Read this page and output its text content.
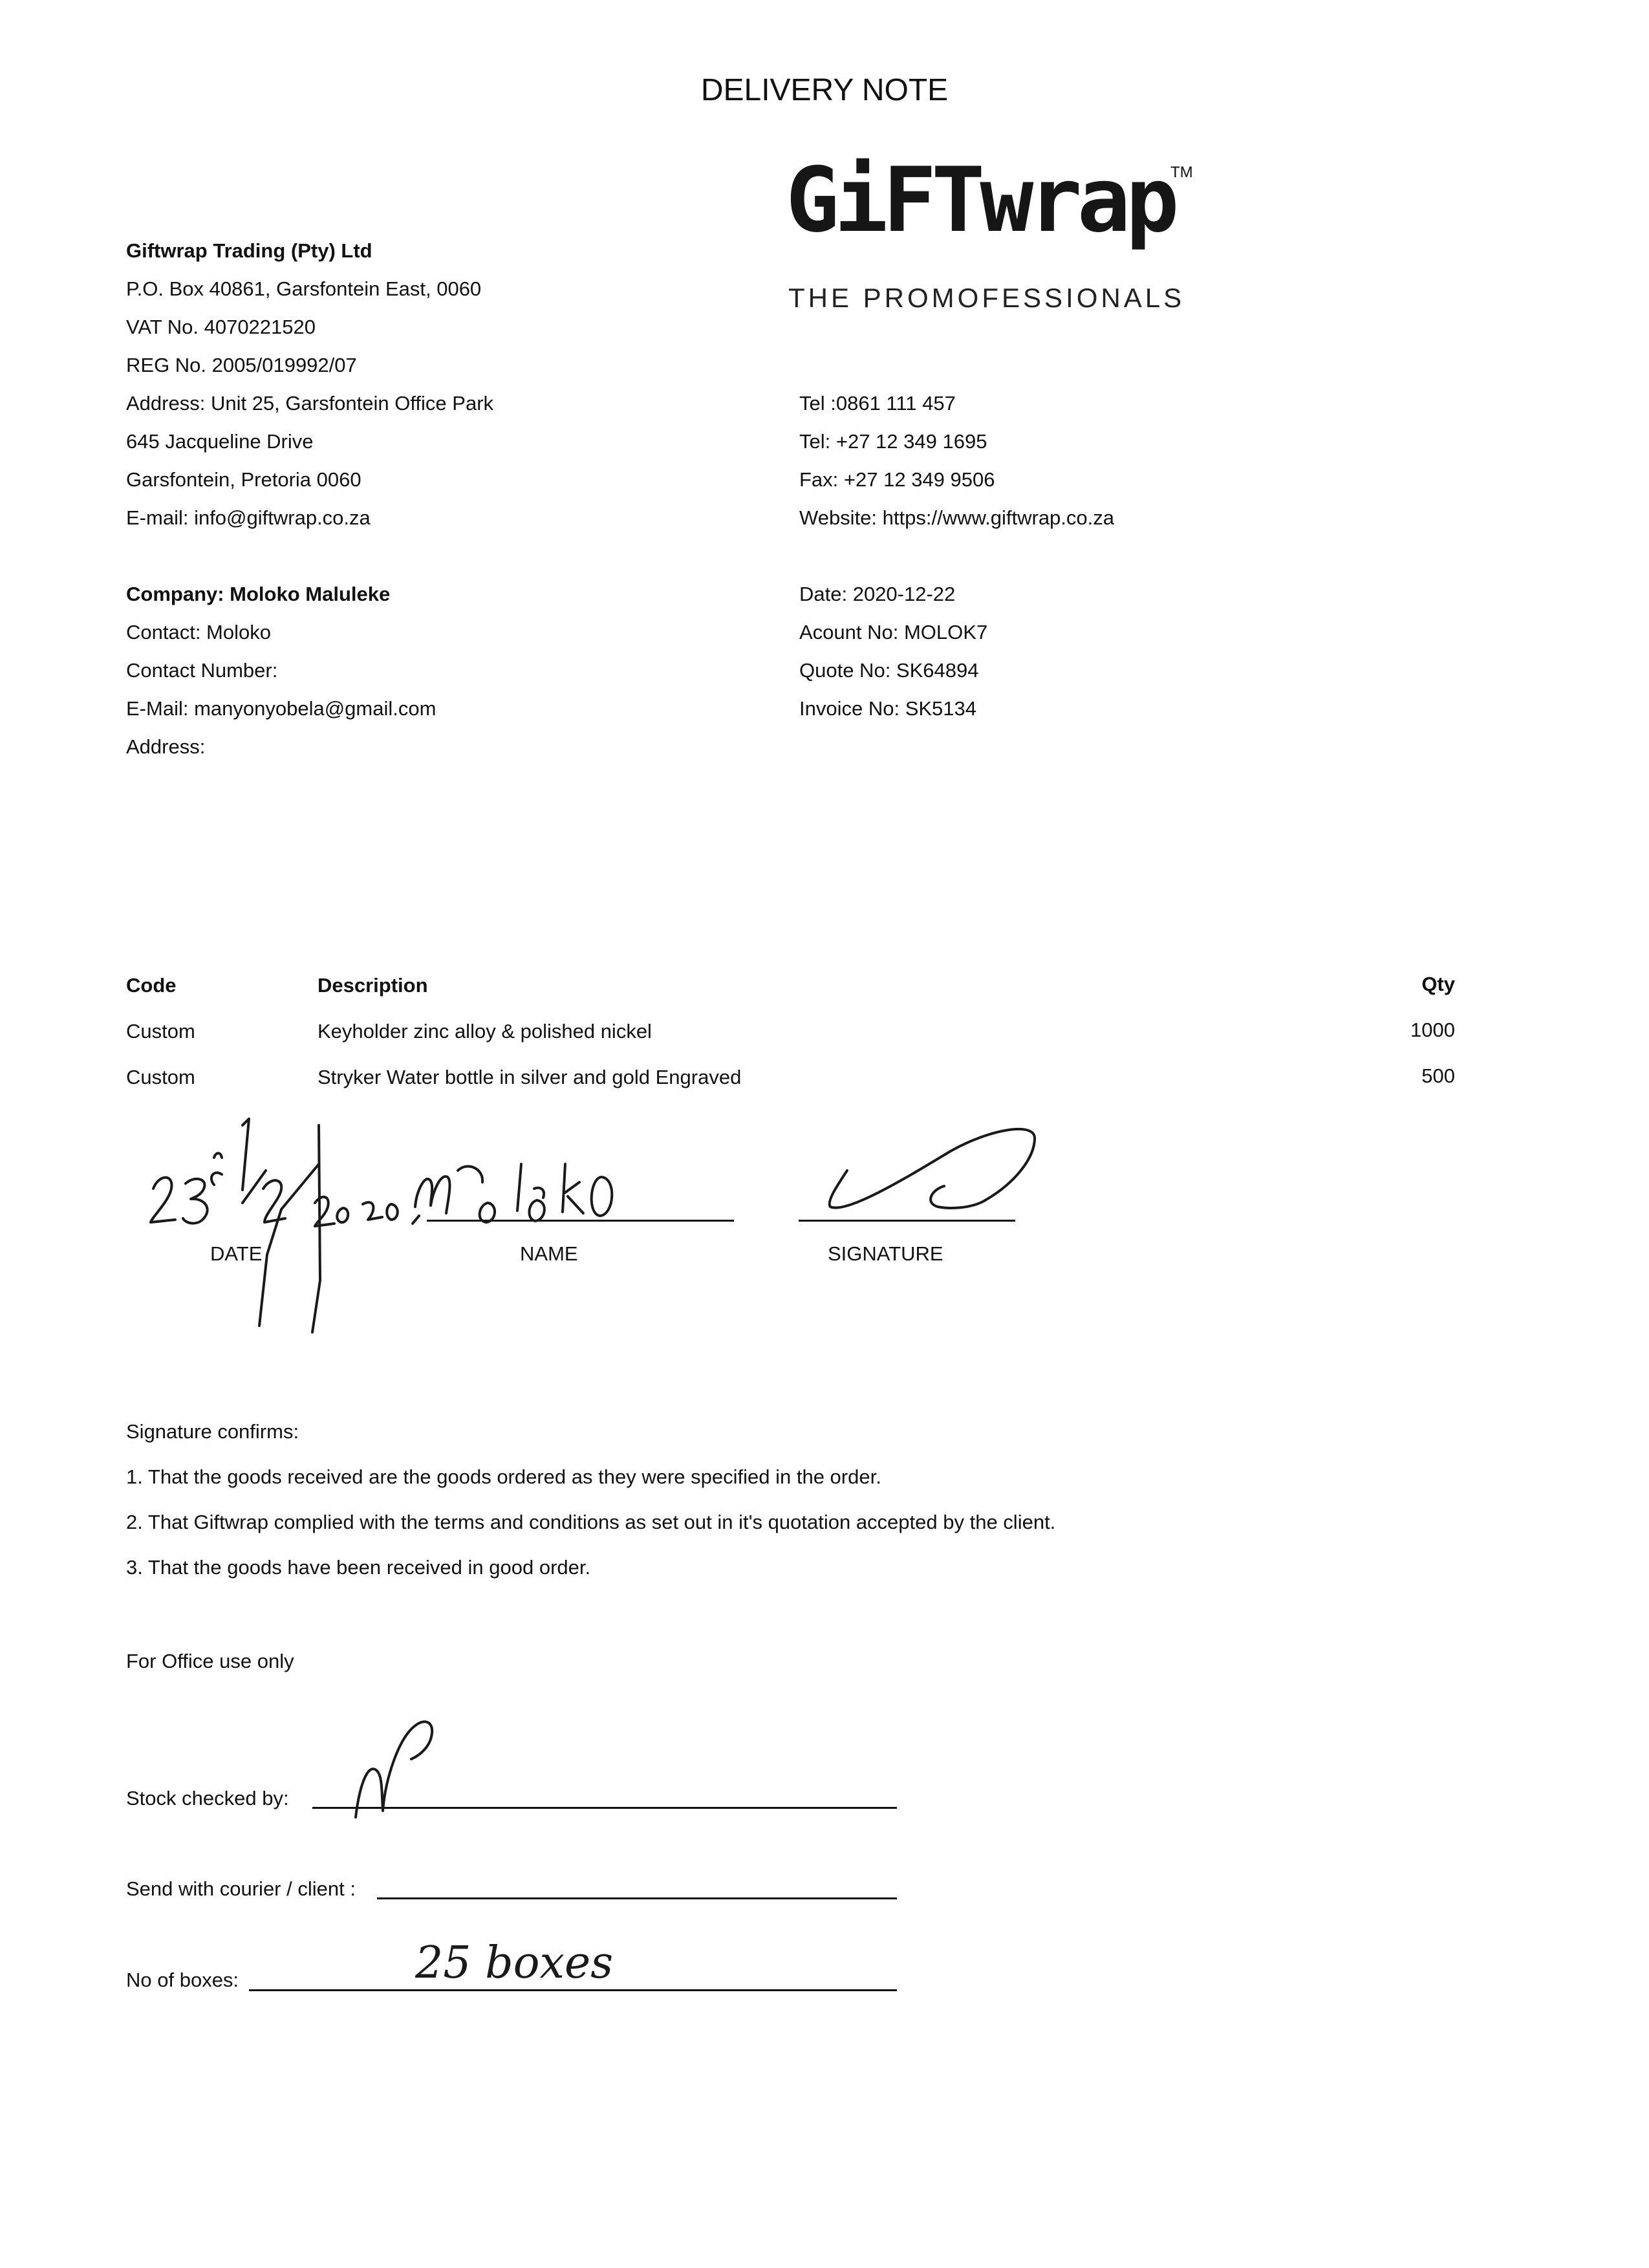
DELIVERY NOTE
GiFTwrap
TM
THE PROMOFESSIONALS
Giftwrap Trading (Pty) Ltd
P.O. Box 40861, Garsfontein East, 0060
VAT No. 4070221520
REG No. 2005/019992/07
Address: Unit 25, Garsfontein Office Park
645 Jacqueline Drive
Garsfontein, Pretoria 0060
E-mail: info@giftwrap.co.za
Tel :0861 111 457
Tel: +27 12 349 1695
Fax: +27 12 349 9506
Website: https://www.giftwrap.co.za
Company: Moloko Maluleke
Contact: Moloko
Contact Number:
E-Mail: manyonyobela@gmail.com
Address:
Date: 2020-12-22
Acount No: MOLOK7
Quote No: SK64894
Invoice No: SK5134
Code	Description	Qty
Custom	Keyholder zinc alloy & polished nickel	1000
Custom	Stryker Water bottle in silver and gold Engraved	500
DATE	NAME	SIGNATURE
Signature confirms:
1. That the goods received are the goods ordered as they were specified in the order.
2. That Giftwrap complied with the terms and conditions as set out in it's quotation accepted by the client.
3. That the goods have been received in good order.
For Office use only
Stock checked by:
Send with courier / client :
No of boxes:	25 boxes
